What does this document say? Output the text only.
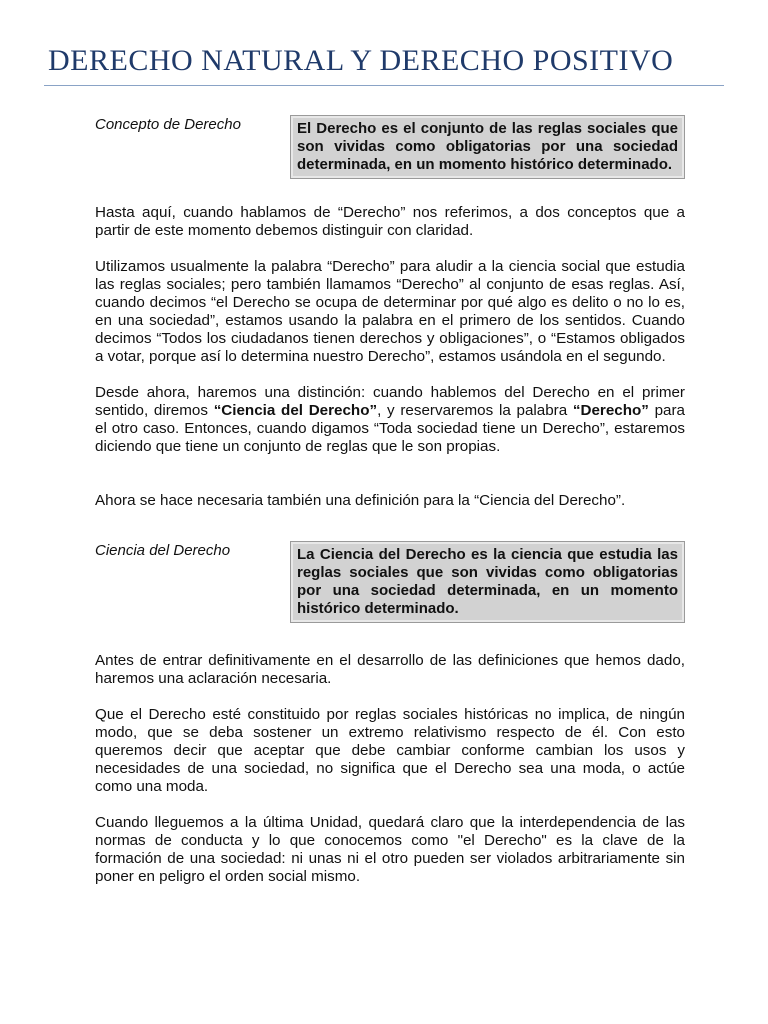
DERECHO NATURAL Y DERECHO POSITIVO
Concepto de Derecho	El Derecho es el conjunto de las reglas sociales que son vividas como obligatorias por una sociedad determinada, en un momento histórico determinado.

Hasta aquí, cuando hablamos de “Derecho” nos referimos, a dos conceptos que a partir de este momento debemos distinguir con claridad.

Utilizamos usualmente la palabra “Derecho” para aludir a la ciencia social que estudia las reglas sociales; pero también llamamos “Derecho” al conjunto de esas reglas. Así, cuando decimos “el Derecho se ocupa de determinar por qué algo es delito o no lo es, en una sociedad”, estamos usando la palabra en el primero de los sentidos. Cuando decimos “Todos los ciudadanos tienen derechos y obligaciones”, o “Estamos obligados a votar, porque así lo determina nuestro Derecho”, estamos usándola en el segundo.

Desde ahora, haremos una distinción: cuando hablemos del Derecho en el primer sentido, diremos “Ciencia del Derecho”, y reservaremos la palabra “Derecho” para el otro caso. Entonces, cuando digamos “Toda sociedad tiene un Derecho”, estaremos diciendo que tiene un conjunto de reglas que le son propias.

Ahora se hace necesaria también una definición para la “Ciencia del Derecho”.

Ciencia del Derecho	La Ciencia del Derecho es la ciencia que estudia las reglas sociales que son vividas como obligatorias por una sociedad determinada, en un momento histórico determinado.

Antes de entrar definitivamente en el desarrollo de las definiciones que hemos dado, haremos una aclaración necesaria.

Que el Derecho esté constituido por reglas sociales históricas no implica, de ningún modo, que se deba sostener un extremo relativismo respecto de él. Con esto queremos decir que aceptar que debe cambiar conforme cambian los usos y necesidades de una sociedad, no significa que el Derecho sea una moda, o actúe como una moda.

Cuando lleguemos a la última Unidad, quedará claro que la interdependencia de las normas de conducta y lo que conocemos como "el Derecho" es la clave de la formación de una sociedad: ni unas ni el otro pueden ser violados arbitrariamente sin poner en peligro el orden social mismo.
